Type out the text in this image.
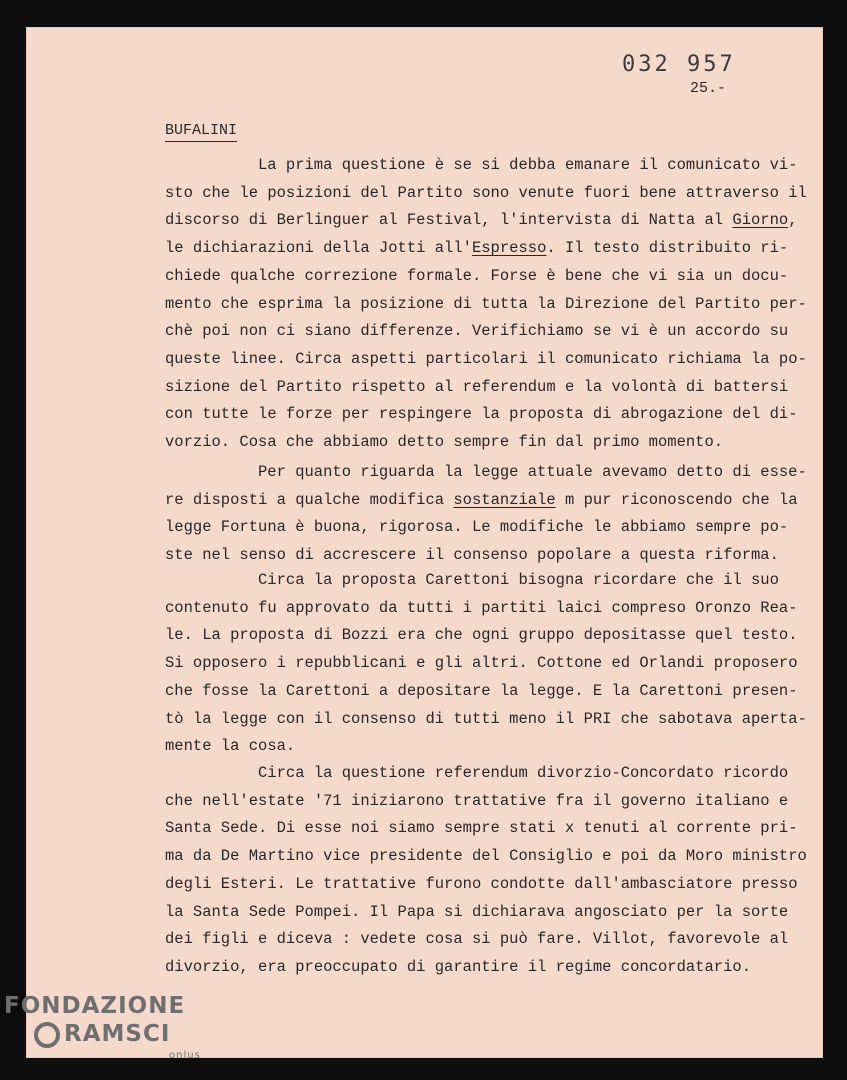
032 957
25.-
BUFALINI
La prima questione è se si debba emanare il comunicato vi-
sto che le posizioni del Partito sono venute fuori bene attraverso il
discorso di Berlinguer al Festival, l'intervista di Natta al Giorno,
le dichiarazioni della Jotti all'Espresso. Il testo distribuito ri-
chiede qualche correzione formale. Forse è bene che vi sia un docu-
mento che esprima la posizione di tutta la Direzione del Partito per-
chè poi non ci siano differenze. Verifichiamo se vi è un accordo su
queste linee. Circa aspetti particolari il comunicato richiama la po-
sizione del Partito rispetto al referendum e la volontà di battersi
con tutte le forze per respingere la proposta di abrogazione del di-
vorzio. Cosa che abbiamo detto sempre fin dal primo momento.
Per quanto riguarda la legge attuale avevamo detto di esse-
re disposti a qualche modifica sostanziale m pur riconoscendo che la
legge Fortuna è buona, rigorosa. Le modifiche le abbiamo sempre po-
ste nel senso di accrescere il consenso popolare a questa riforma.
Circa la proposta Carettoni bisogna ricordare che il suo
contenuto fu approvato da tutti i partiti laici compreso Oronzo Rea-
le. La proposta di Bozzi era che ogni gruppo depositasse quel testo.
Si opposero i repubblicani e gli altri. Cottone ed Orlandi proposero
che fosse la Carettoni a depositare la legge. E la Carettoni presen-
tò la legge con il consenso di tutti meno il PRI che sabotava aperta-
mente la cosa.
Circa la questione referendum divorzio-Concordato ricordo
che nell'estate '71 iniziarono trattative fra il governo italiano e
Santa Sede. Di esse noi siamo sempre stati x tenuti al corrente pri-
ma da De Martino vice presidente del Consiglio e poi da Moro ministro
degli Esteri. Le trattative furono condotte dall'ambasciatore presso
la Santa Sede Pompei. Il Papa si dichiarava angosciato per la sorte
dei figli e diceva : vedete cosa si può fare. Villot, favorevole al
divorzio, era preoccupato di garantire il regime concordatario.
FONDAZIONE
RAMSCI
onlus
